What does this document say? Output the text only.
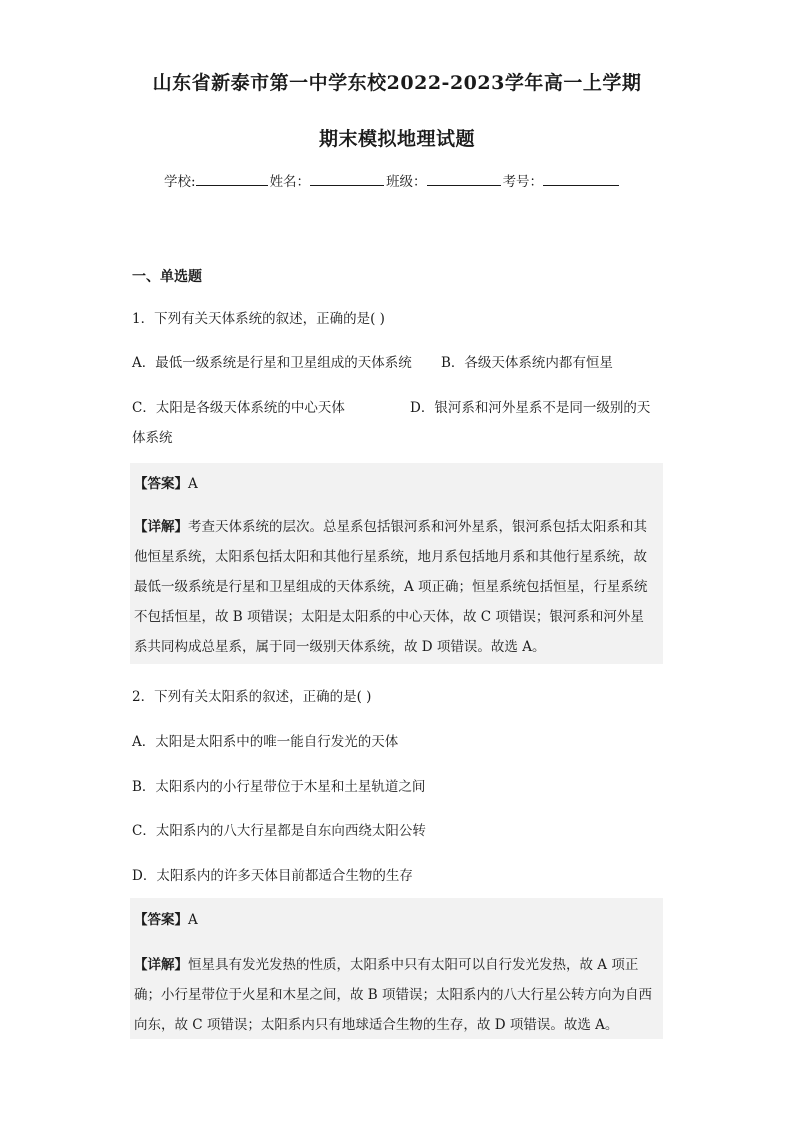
山东省新泰市第一中学东校2022-2023学年高一上学期
期末模拟地理试题
学校:	姓名：	班级：	考号：
一、单选题
1．下列有关天体系统的叙述，正确的是( )
A．最低一级系统是行星和卫星组成的天体系统 B．各级天体系统内都有恒星
C．太阳是各级天体系统的中心天体	D．银河系和河外星系不是同一级别的天
体系统
【答案】A
【详解】考查天体系统的层次。总星系包括银河系和河外星系，银河系包括太阳系和其
他恒星系统，太阳系包括太阳和其他行星系统，地月系包括地月系和其他行星系统，故
最低一级系统是行星和卫星组成的天体系统，A 项正确；恒星系统包括恒星，行星系统
不包括恒星，故 B 项错误；太阳是太阳系的中心天体，故 C 项错误；银河系和河外星
系共同构成总星系，属于同一级别天体系统，故 D 项错误。故选 A。
2．下列有关太阳系的叙述，正确的是( )
A．太阳是太阳系中的唯一能自行发光的天体
B．太阳系内的小行星带位于木星和土星轨道之间
C．太阳系内的八大行星都是自东向西绕太阳公转
D．太阳系内的许多天体目前都适合生物的生存
【答案】A
【详解】恒星具有发光发热的性质，太阳系中只有太阳可以自行发光发热，故 A 项正
确；小行星带位于火星和木星之间，故 B 项错误；太阳系内的八大行星公转方向为自西
向东，故 C 项错误；太阳系内只有地球适合生物的生存，故 D 项错误。故选 A。
